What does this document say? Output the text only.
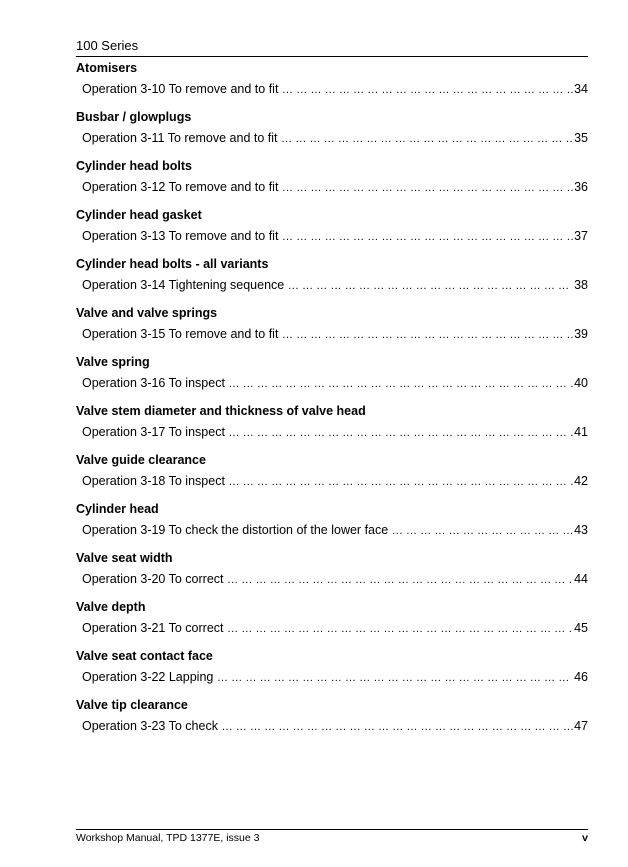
100 Series
Atomisers
Operation 3-10 To remove and to fit ... .	34
Busbar / glowplugs
Operation 3-11 To remove and to fit ... .	35
Cylinder head bolts
Operation 3-12 To remove and to fit ... .	36
Cylinder head gasket
Operation 3-13 To remove and to fit ... .	37
Cylinder head bolts - all variants
Operation 3-14 Tightening sequence ... .	38
Valve and valve springs
Operation 3-15 To remove and to fit ... .	39
Valve spring
Operation 3-16 To inspect ... .	40
Valve stem diameter and thickness of valve head
Operation 3-17 To inspect ... .	41
Valve guide clearance
Operation 3-18 To inspect ... .	42
Cylinder head
Operation 3-19 To check the distortion of the lower face ... .	43
Valve seat width
Operation 3-20 To correct ... .	44
Valve depth
Operation 3-21 To correct ... .	45
Valve seat contact face
Operation 3-22 Lapping ... .	46
Valve tip clearance
Operation 3-23 To check ... .	47
Workshop Manual, TPD 1377E, issue 3	v
